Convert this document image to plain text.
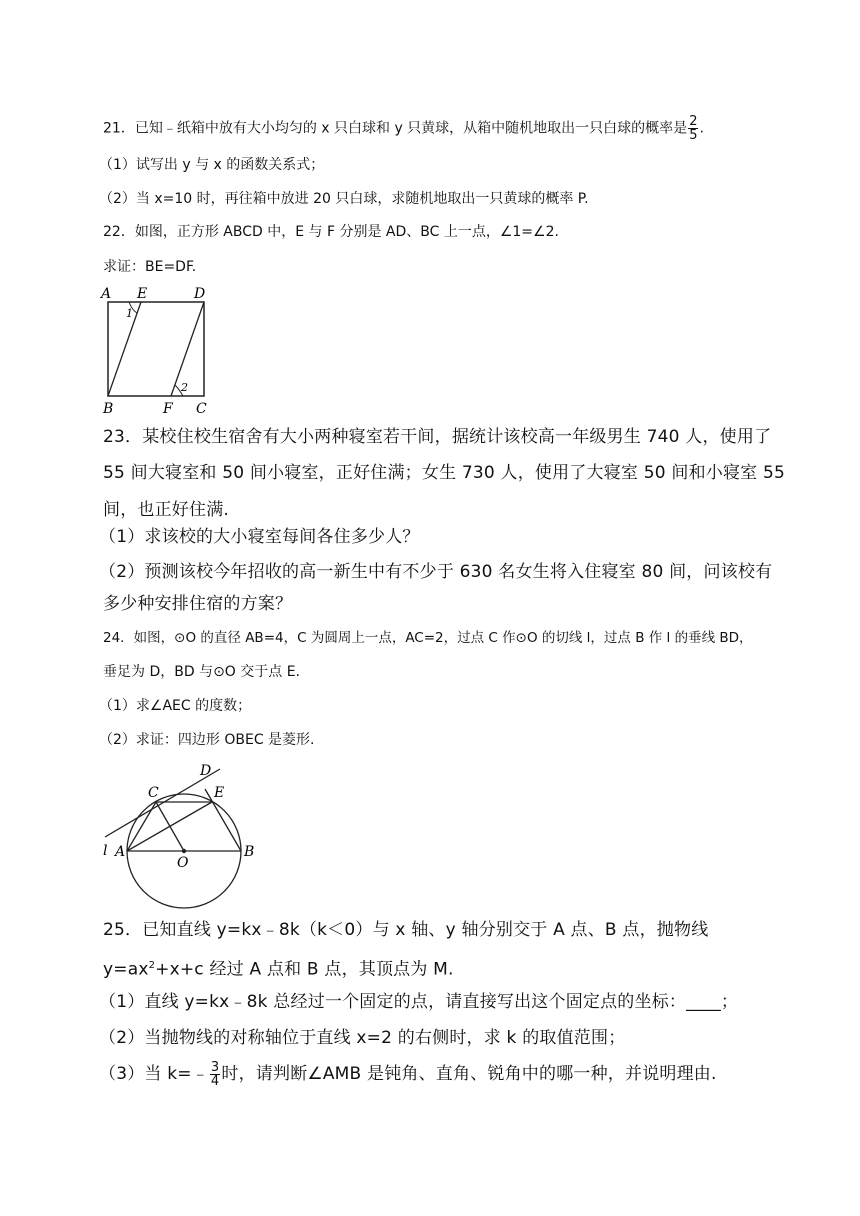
21．已知﹣纸箱中放有大小均匀的 x 只白球和 y 只黄球，从箱中随机地取出一只白球的概率是 $\frac{2}{5}$ .
（1）试写出 y 与 x 的函数关系式；
（2）当 x=10 时，再往箱中放进 20 只白球，求随机地取出一只黄球的概率 P.
22．如图，正方形 ABCD 中，E 与 F 分别是 AD、BC 上一点，∠1=∠2.
求证：BE=DF.
A E	D
B	F C
1
2
23．某校住校生宿舍有大小两种寝室若干间，据统计该校高一年级男生 740 人，使用了
55 间大寝室和 50 间小寝室，正好住满；女生 730 人，使用了大寝室 50 间和小寝室 55
间，也正好住满.
（1）求该校的大小寝室每间各住多少人？
（2）预测该校今年招收的高一新生中有不少于 630 名女生将入住寝室 80 间，问该校有
多少种安排住宿的方案？
24．如图，⊙O 的直径 AB=4，C 为圆周上一点，AC=2，过点 C 作⊙O 的切线 l，过点 B 作 l 的垂线 BD，
垂足为 D，BD 与⊙O 交于点 E.
（1）求∠AEC 的度数；
（2）求证：四边形 OBEC 是菱形.
C
D
E
l A
O
B
25．已知直线 y=kx﹣8k（k＜0）与 x 轴、y 轴分别交于 A 点、B 点，抛物线
$y=ax^2+x+c$ 经过 A 点和 B 点，其顶点为 M.
（1）直线 y=kx﹣8k 总经过一个固定的点，请直接写出这个固定点的坐标：____；
（2）当抛物线的对称轴位于直线 x=2 的右侧时，求 k 的取值范围；
（3）当 k=﹣ $\frac{3}{4}$ 时，请判断∠AMB 是钝角、直角、锐角中的哪一种，并说明理由.
